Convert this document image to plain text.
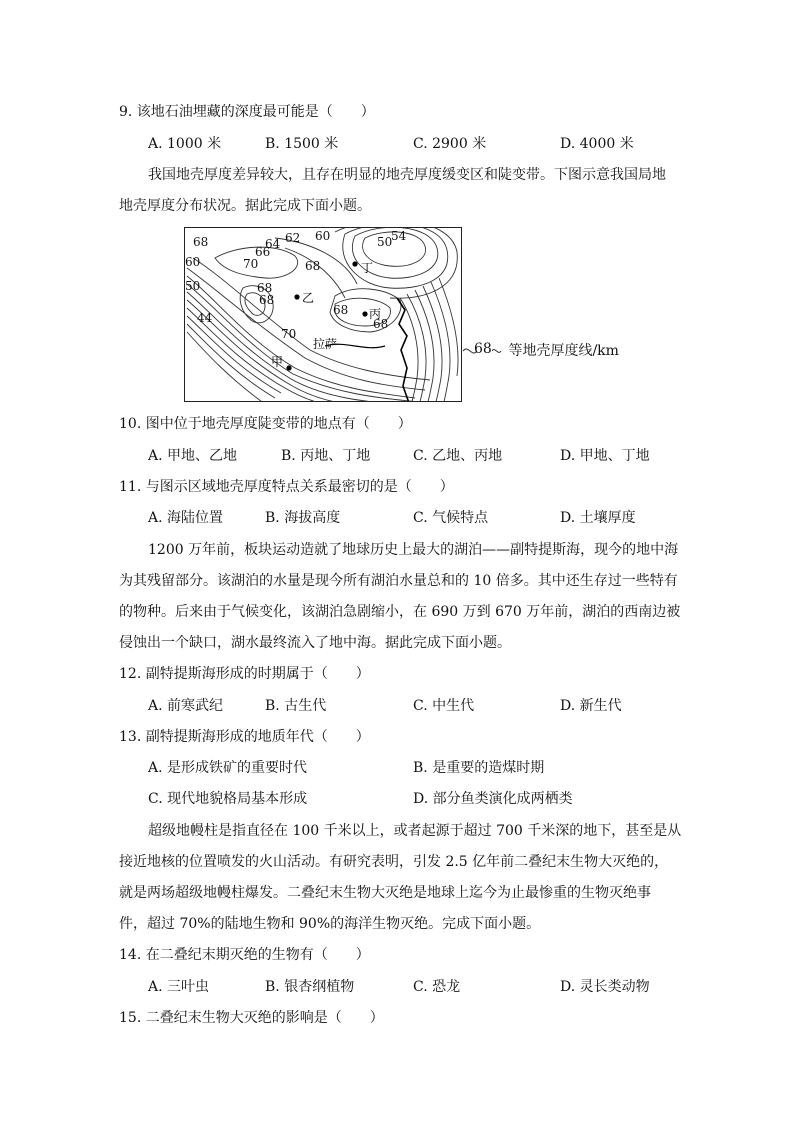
9. 该地石油埋藏的深度最可能是（　　）
A. 1000 米	B. 1500 米	C. 2900 米	D. 4000 米
我国地壳厚度差异较大，且存在明显的地壳厚度缓变区和陡变带。下图示意我国局地
地壳厚度分布状况。据此完成下面小题。
68
60
50
44
66
64 62
70	68
60	50
54
68
68
68
70
68
甲
乙
丙
丁
拉萨	68 等地壳厚度线/km
10. 图中位于地壳厚度陡变带的地点有（　　）
A. 甲地、乙地	B. 丙地、丁地	C. 乙地、丙地	D. 甲地、丁地
11. 与图示区域地壳厚度特点关系最密切的是（　　）
A. 海陆位置	B. 海拔高度	C. 气候特点	D. 土壤厚度
1200 万年前，板块运动造就了地球历史上最大的湖泊——副特提斯海，现今的地中海
为其残留部分。该湖泊的水量是现今所有湖泊水量总和的 10 倍多。其中还生存过一些特有
的物种。后来由于气候变化，该湖泊急剧缩小，在 690 万到 670 万年前，湖泊的西南边被
侵蚀出一个缺口，湖水最终流入了地中海。据此完成下面小题。
12. 副特提斯海形成的时期属于（　　）
A. 前寒武纪	B. 古生代	C. 中生代	D. 新生代
13. 副特提斯海形成的地质年代（　　）
A. 是形成铁矿的重要时代	B. 是重要的造煤时期
C. 现代地貌格局基本形成	D. 部分鱼类演化成两栖类
超级地幔柱是指直径在 100 千米以上，或者起源于超过 700 千米深的地下，甚至是从
接近地核的位置喷发的火山活动。有研究表明，引发 2.5 亿年前二叠纪末生物大灭绝的，
就是两场超级地幔柱爆发。二叠纪末生物大灭绝是地球上迄今为止最惨重的生物灭绝事
件，超过 70%的陆地生物和 90%的海洋生物灭绝。完成下面小题。
14. 在二叠纪末期灭绝的生物有（　　）
A. 三叶虫	B. 银杏纲植物	C. 恐龙	D. 灵长类动物
15. 二叠纪末生物大灭绝的影响是（　　）
